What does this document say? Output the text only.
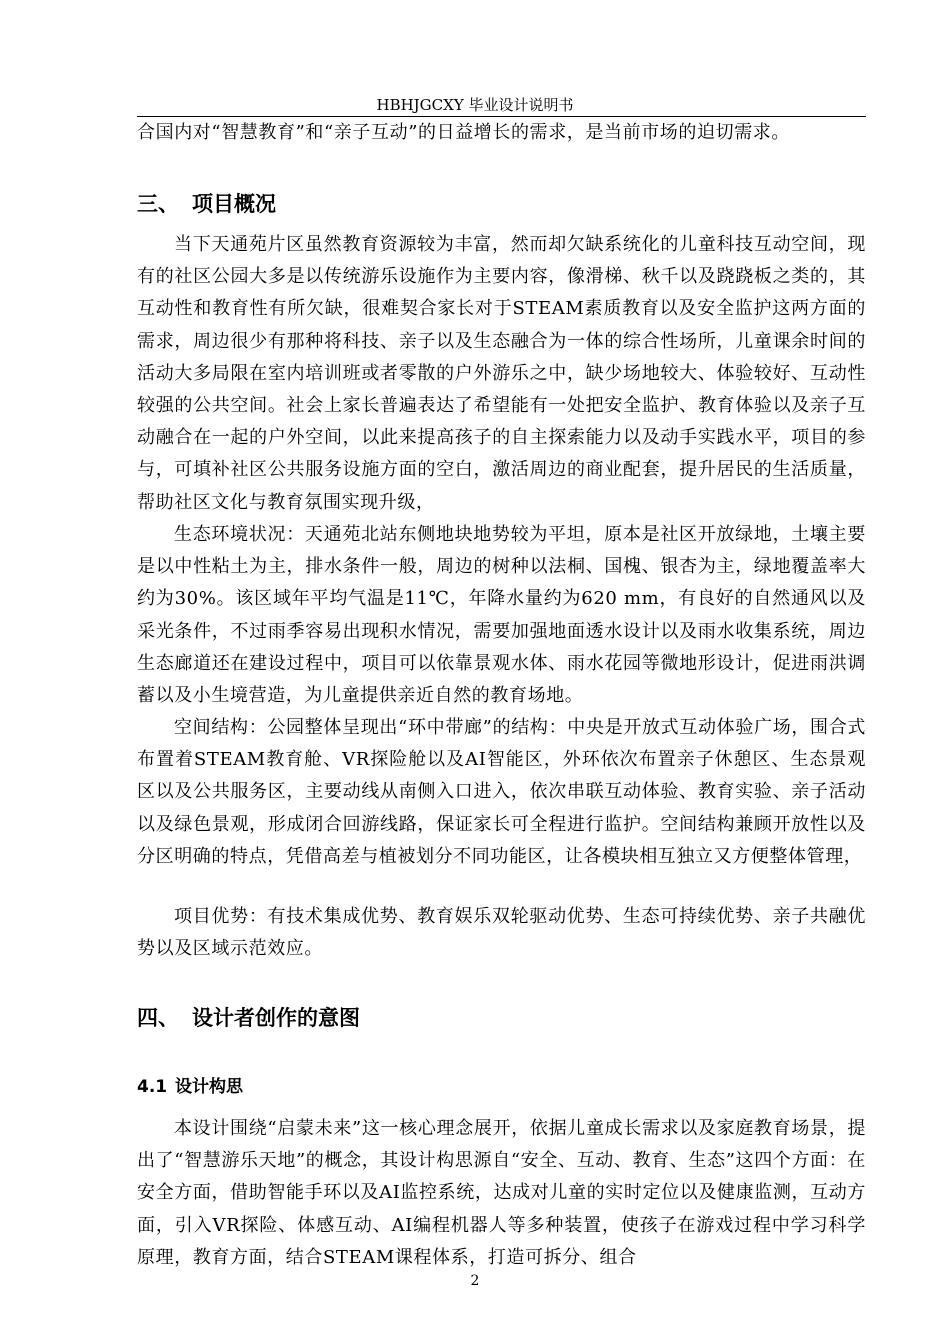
HBHJGCXY 毕业设计说明书

合国内对“智慧教育”和“亲子互动”的日益增长的需求，是当前市场的迫切需求。

三、 项目概况

当下天通苑片区虽然教育资源较为丰富，然而却欠缺系统化的儿童科技互动空间，现有的社区公园大多是以传统游乐设施作为主要内容，像滑梯、秋千以及跷跷板之类的，其互动性和教育性有所欠缺，很难契合家长对于STEAM素质教育以及安全监护这两方面的需求，周边很少有那种将科技、亲子以及生态融合为一体的综合性场所，儿童课余时间的活动大多局限在室内培训班或者零散的户外游乐之中，缺少场地较大、体验较好、互动性较强的公共空间。社会上家长普遍表达了希望能有一处把安全监护、教育体验以及亲子互动融合在一起的户外空间，以此来提高孩子的自主探索能力以及动手实践水平，项目的参与，可填补社区公共服务设施方面的空白，激活周边的商业配套，提升居民的生活质量，帮助社区文化与教育氛围实现升级，

生态环境状况：天通苑北站东侧地块地势较为平坦，原本是社区开放绿地，土壤主要是以中性粘土为主，排水条件一般，周边的树种以法桐、国槐、银杏为主，绿地覆盖率大约为30%。该区域年平均气温是11℃，年降水量约为620 mm，有良好的自然通风以及采光条件，不过雨季容易出现积水情况，需要加强地面透水设计以及雨水收集系统，周边生态廊道还在建设过程中，项目可以依靠景观水体、雨水花园等微地形设计，促进雨洪调蓄以及小生境营造，为儿童提供亲近自然的教育场地。

空间结构：公园整体呈现出“环中带廊”的结构：中央是开放式互动体验广场，围合式布置着STEAM教育舱、VR探险舱以及AI智能区，外环依次布置亲子休憩区、生态景观区以及公共服务区，主要动线从南侧入口进入，依次串联互动体验、教育实验、亲子活动以及绿色景观，形成闭合回游线路，保证家长可全程进行监护。空间结构兼顾开放性以及分区明确的特点，凭借高差与植被划分不同功能区，让各模块相互独立又方便整体管理，

项目优势：有技术集成优势、教育娱乐双轮驱动优势、生态可持续优势、亲子共融优势以及区域示范效应。

四、 设计者创作的意图
4.1 设计构思

本设计围绕“启蒙未来”这一核心理念展开，依据儿童成长需求以及家庭教育场景，提出了“智慧游乐天地”的概念，其设计构思源自“安全、互动、教育、生态”这四个方面：在安全方面，借助智能手环以及AI监控系统，达成对儿童的实时定位以及健康监测，互动方面，引入VR探险、体感互动、AI编程机器人等多种装置，使孩子在游戏过程中学习科学原理，教育方面，结合STEAM课程体系，打造可拆分、组合

2
